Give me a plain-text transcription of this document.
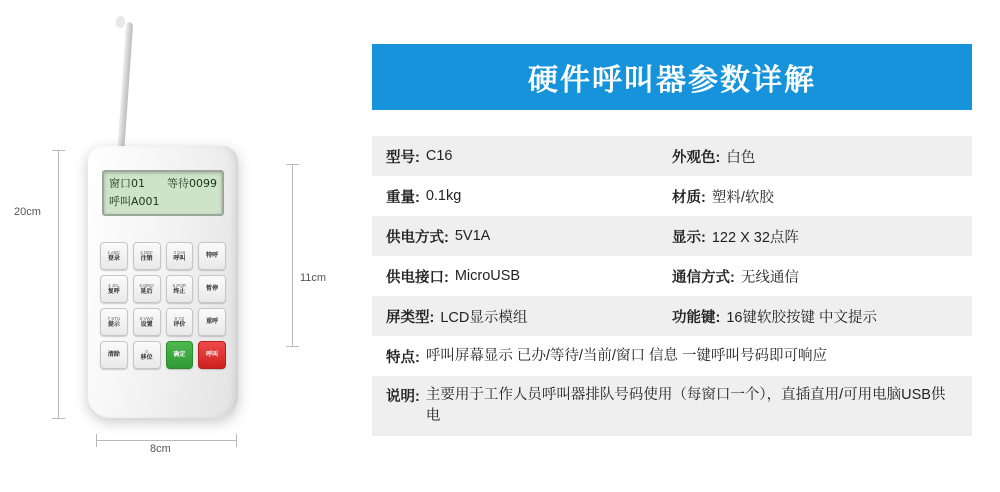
20cm
8cm
11cm
窗口01 等待0099
呼叫A001
1 ABC
登录
2 DEF
注销
3 GHI
呼叫	特呼
4 JKL
复呼
5 MNO
延后
6 PQR
终止	暂停
7 STU
提示
8 VWX
设置
9 YZ
评价	重呼
清除
0
移位	确定	呼叫
硬件呼叫器参数详解
型号: C16	外观色: 白色
重量: 0.1kg	材质: 塑料/软胶
供电方式: 5V1A	显示: 122 X 32点阵
供电接口: MicroUSB	通信方式: 无线通信
屏类型: LCD显示模组	功能键: 16键软胶按键 中文提示
特点: 呼叫屏幕显示 已办/等待/当前/窗口 信息 一键呼叫号码即可响应
说明: 主要用于工作人员呼叫器排队号码使用（每窗口一个），直插直用/可用电脑USB供电
